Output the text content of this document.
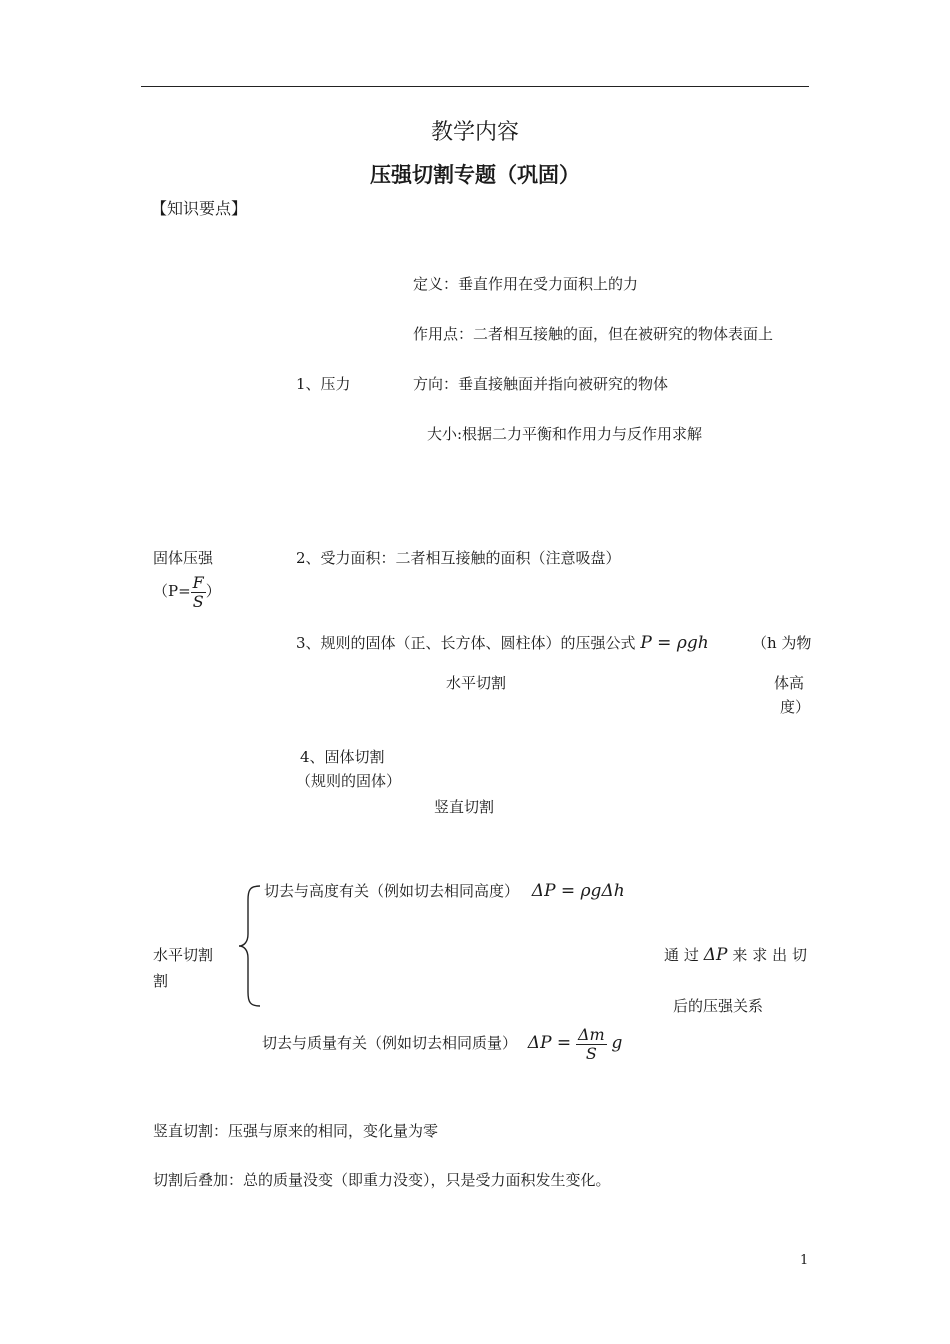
教学内容
压强切割专题（巩固）
【知识要点】
定义：垂直作用在受力面积上的力
作用点：二者相互接触的面，但在被研究的物体表面上
1、压力	方向：垂直接触面并指向被研究的物体
大小:根据二力平衡和作用力与反作用求解
固体压强
（$P= \frac{F}{S}$ ）
2、受力面积：二者相互接触的面积（注意吸盘）
3、规则的固体（正、长方体、圆柱体）的压强公式 P = ρgh	（h 为物
体高
度）
水平切割
4、固体切割
（规则的固体）
竖直切割
切去与高度有关（例如切去相同高度） ΔP = ρgΔh
水平切割
割
通 过 ΔP 来 求 出 切
后的压强关系
切去与质量有关（例如切去相同质量） $\Delta P = \frac{\Delta m}{S}$ g
竖直切割：压强与原来的相同，变化量为零
切割后叠加：总的质量没变（即重力没变），只是受力面积发生变化。
1
